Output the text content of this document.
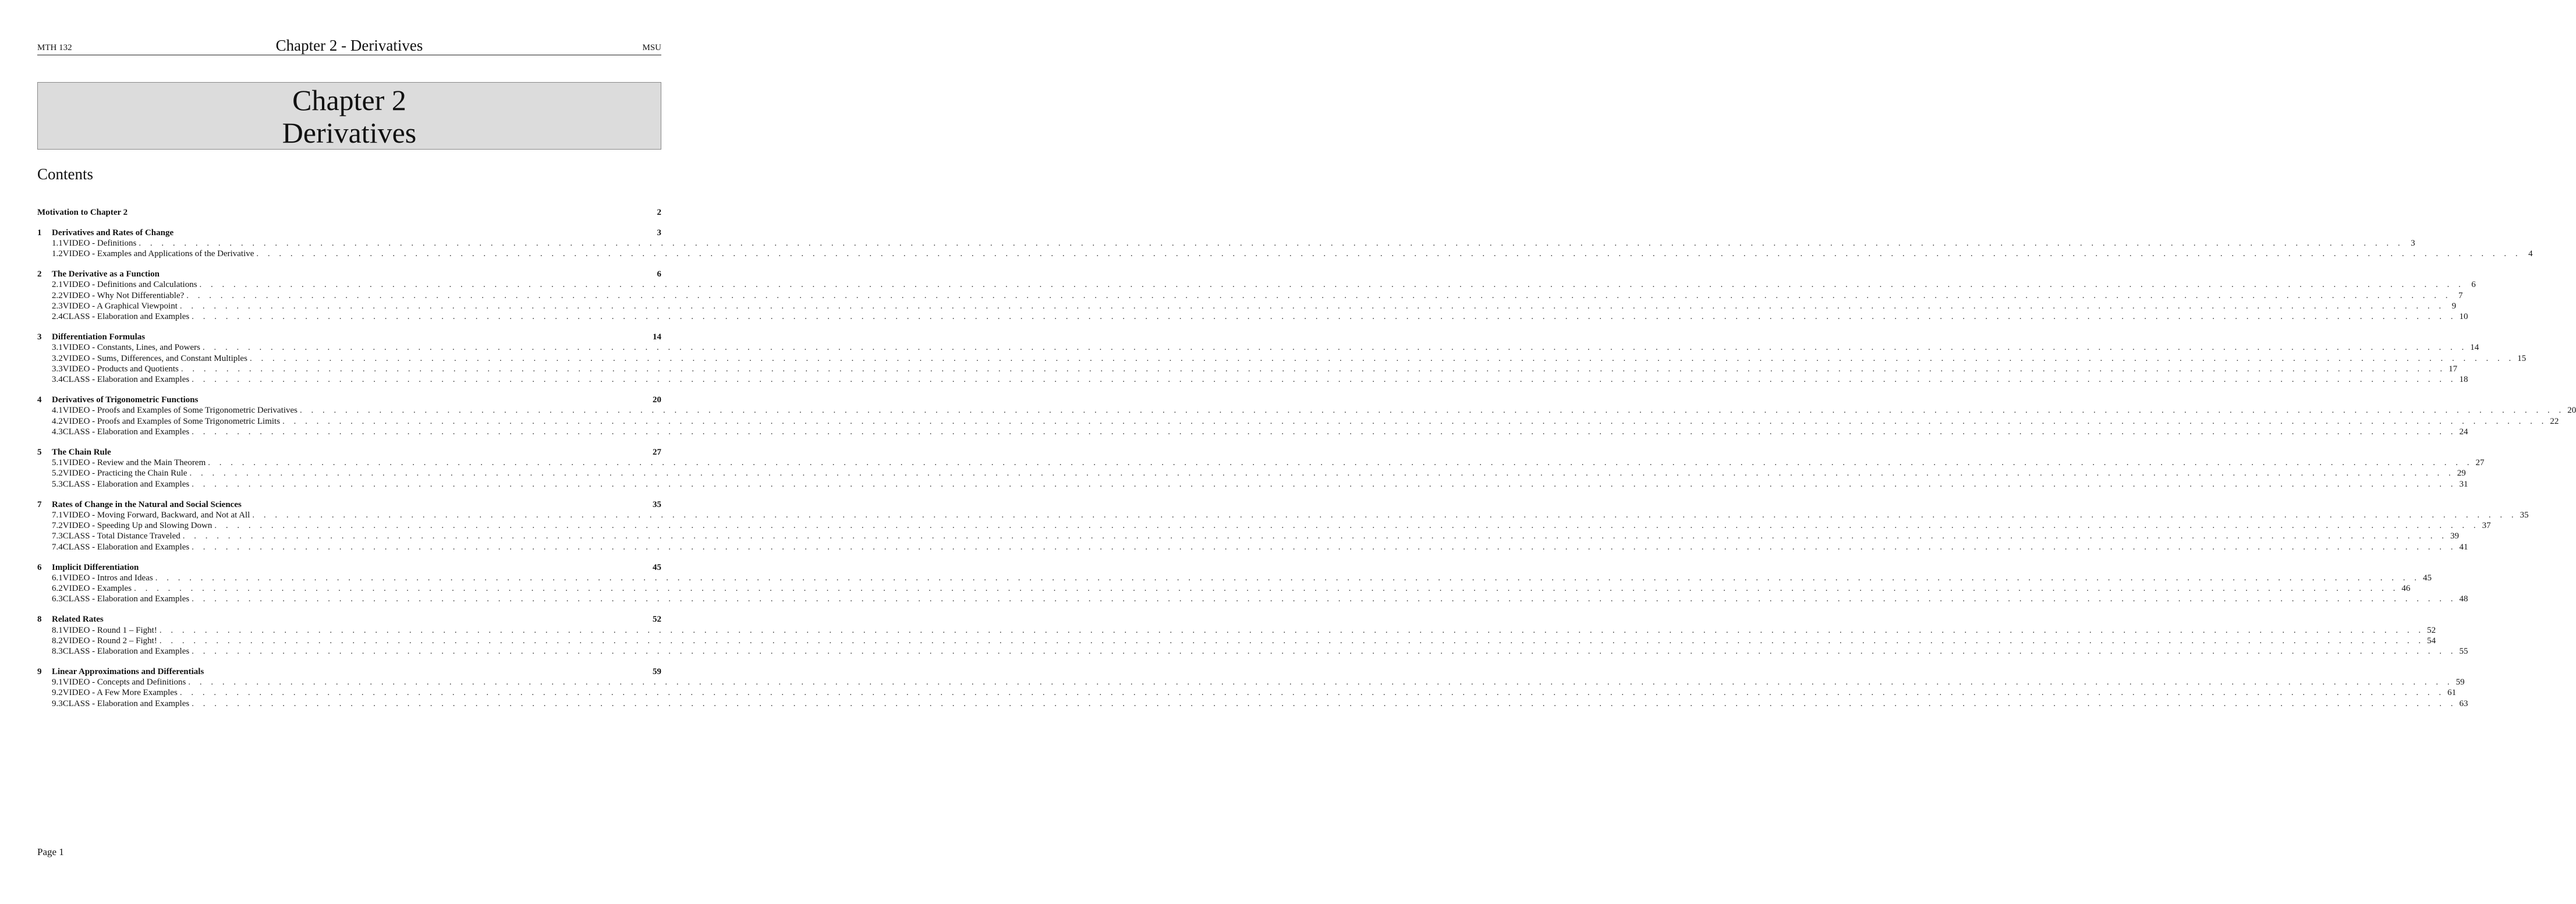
MTH 132	Chapter 2 - Derivatives	MSU
Chapter 2
Derivatives
Contents
Motivation to Chapter 2	2
1	Derivatives and Rates of Change	3
1.1 VIDEO - Definitions . . . . . . . . . . . . . . . . . . . . . . . . . . . . . . . . . . . . . . . . . . . . . . . . . . . . . . . . . . . . . . . . . . . . . . . . . . . . . . . . . . . . . . . . . . . . . . . . . . . . . . . . . . . . . . . . . . . . . . . . . . . . . . . . . . . . . . . . . . . . . . . . . . . . . . . . . . . . . . . . . . . . . . . . . . . . . . . . . . . . . . . . . . . . . . . . . . . . . . . . 3
1.2 VIDEO - Examples and Applications of the Derivative . . . . . . . . . . . . . . . . . . . . . . . . . . . . . . . . . . . . . . . . . . . . . . . . . . . . . . . . . . . . . . . . . . . . . . . . . . . . . . . . . . . . . . . . . . . . . . . . . . . . . . . . . . . . . . . . . . . . . . . . . . . . . . . . . . . . . . . . . . . . . . . . . . . . . . . . . . . . . . . . . . . . . . . . . . . . . . . . . . . . . . . . . . . . . . . . . . . . . . . . 4
2	The Derivative as a Function	6
2.1 VIDEO - Definitions and Calculations . . . . . . . . . . . . . . . . . . . . . . . . . . . . . . . . . . . . . . . . . . . . . . . . . . . . . . . . . . . . . . . . . . . . . . . . . . . . . . . . . . . . . . . . . . . . . . . . . . . . . . . . . . . . . . . . . . . . . . . . . . . . . . . . . . . . . . . . . . . . . . . . . . . . . . . . . . . . . . . . . . . . . . . . . . . . . . . . . . . . . . . . . . . . . . . . . . . . . . . . 6
2.2 VIDEO - Why Not Differentiable? . . . . . . . . . . . . . . . . . . . . . . . . . . . . . . . . . . . . . . . . . . . . . . . . . . . . . . . . . . . . . . . . . . . . . . . . . . . . . . . . . . . . . . . . . . . . . . . . . . . . . . . . . . . . . . . . . . . . . . . . . . . . . . . . . . . . . . . . . . . . . . . . . . . . . . . . . . . . . . . . . . . . . . . . . . . . . . . . . . . . . . . . . . . . . . . . . . . . . . . . 7
2.3 VIDEO - A Graphical Viewpoint . . . . . . . . . . . . . . . . . . . . . . . . . . . . . . . . . . . . . . . . . . . . . . . . . . . . . . . . . . . . . . . . . . . . . . . . . . . . . . . . . . . . . . . . . . . . . . . . . . . . . . . . . . . . . . . . . . . . . . . . . . . . . . . . . . . . . . . . . . . . . . . . . . . . . . . . . . . . . . . . . . . . . . . . . . . . . . . . . . . . . . . . . . . . . . . . . . . . . . . . 9
2.4 CLASS - Elaboration and Examples . . . . . . . . . . . . . . . . . . . . . . . . . . . . . . . . . . . . . . . . . . . . . . . . . . . . . . . . . . . . . . . . . . . . . . . . . . . . . . . . . . . . . . . . . . . . . . . . . . . . . . . . . . . . . . . . . . . . . . . . . . . . . . . . . . . . . . . . . . . . . . . . . . . . . . . . . . . . . . . . . . . . . . . . . . . . . . . . . . . . . . . . . . . . . . . . . . . . . . . . 10
3	Differentiation Formulas	14
3.1 VIDEO - Constants, Lines, and Powers . . . . . . . . . . . . . . . . . . . . . . . . . . . . . . . . . . . . . . . . . . . . . . . . . . . . . . . . . . . . . . . . . . . . . . . . . . . . . . . . . . . . . . . . . . . . . . . . . . . . . . . . . . . . . . . . . . . . . . . . . . . . . . . . . . . . . . . . . . . . . . . . . . . . . . . . . . . . . . . . . . . . . . . . . . . . . . . . . . . . . . . . . . . . . . . . . . . . . . . . 14
3.2 VIDEO - Sums, Differences, and Constant Multiples . . . . . . . . . . . . . . . . . . . . . . . . . . . . . . . . . . . . . . . . . . . . . . . . . . . . . . . . . . . . . . . . . . . . . . . . . . . . . . . . . . . . . . . . . . . . . . . . . . . . . . . . . . . . . . . . . . . . . . . . . . . . . . . . . . . . . . . . . . . . . . . . . . . . . . . . . . . . . . . . . . . . . . . . . . . . . . . . . . . . . . . . . . . . . . . . . . . . . . . . 15
3.3 VIDEO - Products and Quotients . . . . . . . . . . . . . . . . . . . . . . . . . . . . . . . . . . . . . . . . . . . . . . . . . . . . . . . . . . . . . . . . . . . . . . . . . . . . . . . . . . . . . . . . . . . . . . . . . . . . . . . . . . . . . . . . . . . . . . . . . . . . . . . . . . . . . . . . . . . . . . . . . . . . . . . . . . . . . . . . . . . . . . . . . . . . . . . . . . . . . . . . . . . . . . . . . . . . . . . . 17
3.4 CLASS - Elaboration and Examples . . . . . . . . . . . . . . . . . . . . . . . . . . . . . . . . . . . . . . . . . . . . . . . . . . . . . . . . . . . . . . . . . . . . . . . . . . . . . . . . . . . . . . . . . . . . . . . . . . . . . . . . . . . . . . . . . . . . . . . . . . . . . . . . . . . . . . . . . . . . . . . . . . . . . . . . . . . . . . . . . . . . . . . . . . . . . . . . . . . . . . . . . . . . . . . . . . . . . . . . 18
4	Derivatives of Trigonometric Functions	20
4.1 VIDEO - Proofs and Examples of Some Trigonometric Derivatives . . . . . . . . . . . . . . . . . . . . . . . . . . . . . . . . . . . . . . . . . . . . . . . . . . . . . . . . . . . . . . . . . . . . . . . . . . . . . . . . . . . . . . . . . . . . . . . . . . . . . . . . . . . . . . . . . . . . . . . . . . . . . . . . . . . . . . . . . . . . . . . . . . . . . . . . . . . . . . . . . . . . . . . . . . . . . . . . . . . . . . . . . . . . . . . . . . . . . . . . 20
4.2 VIDEO - Proofs and Examples of Some Trigonometric Limits . . . . . . . . . . . . . . . . . . . . . . . . . . . . . . . . . . . . . . . . . . . . . . . . . . . . . . . . . . . . . . . . . . . . . . . . . . . . . . . . . . . . . . . . . . . . . . . . . . . . . . . . . . . . . . . . . . . . . . . . . . . . . . . . . . . . . . . . . . . . . . . . . . . . . . . . . . . . . . . . . . . . . . . . . . . . . . . . . . . . . . . . . . . . . . . . . . . . . . . . 22
4.3 CLASS - Elaboration and Examples . . . . . . . . . . . . . . . . . . . . . . . . . . . . . . . . . . . . . . . . . . . . . . . . . . . . . . . . . . . . . . . . . . . . . . . . . . . . . . . . . . . . . . . . . . . . . . . . . . . . . . . . . . . . . . . . . . . . . . . . . . . . . . . . . . . . . . . . . . . . . . . . . . . . . . . . . . . . . . . . . . . . . . . . . . . . . . . . . . . . . . . . . . . . . . . . . . . . . . . . 24
5	The Chain Rule	27
5.1 VIDEO - Review and the Main Theorem . . . . . . . . . . . . . . . . . . . . . . . . . . . . . . . . . . . . . . . . . . . . . . . . . . . . . . . . . . . . . . . . . . . . . . . . . . . . . . . . . . . . . . . . . . . . . . . . . . . . . . . . . . . . . . . . . . . . . . . . . . . . . . . . . . . . . . . . . . . . . . . . . . . . . . . . . . . . . . . . . . . . . . . . . . . . . . . . . . . . . . . . . . . . . . . . . . . . . . . . 27
5.2 VIDEO - Practicing the Chain Rule . . . . . . . . . . . . . . . . . . . . . . . . . . . . . . . . . . . . . . . . . . . . . . . . . . . . . . . . . . . . . . . . . . . . . . . . . . . . . . . . . . . . . . . . . . . . . . . . . . . . . . . . . . . . . . . . . . . . . . . . . . . . . . . . . . . . . . . . . . . . . . . . . . . . . . . . . . . . . . . . . . . . . . . . . . . . . . . . . . . . . . . . . . . . . . . . . . . . . . . . 29
5.3 CLASS - Elaboration and Examples . . . . . . . . . . . . . . . . . . . . . . . . . . . . . . . . . . . . . . . . . . . . . . . . . . . . . . . . . . . . . . . . . . . . . . . . . . . . . . . . . . . . . . . . . . . . . . . . . . . . . . . . . . . . . . . . . . . . . . . . . . . . . . . . . . . . . . . . . . . . . . . . . . . . . . . . . . . . . . . . . . . . . . . . . . . . . . . . . . . . . . . . . . . . . . . . . . . . . . . . 31
7	Rates of Change in the Natural and Social Sciences	35
7.1 VIDEO - Moving Forward, Backward, and Not at All . . . . . . . . . . . . . . . . . . . . . . . . . . . . . . . . . . . . . . . . . . . . . . . . . . . . . . . . . . . . . . . . . . . . . . . . . . . . . . . . . . . . . . . . . . . . . . . . . . . . . . . . . . . . . . . . . . . . . . . . . . . . . . . . . . . . . . . . . . . . . . . . . . . . . . . . . . . . . . . . . . . . . . . . . . . . . . . . . . . . . . . . . . . . . . . . . . . . . . . . 35
7.2 VIDEO - Speeding Up and Slowing Down . . . . . . . . . . . . . . . . . . . . . . . . . . . . . . . . . . . . . . . . . . . . . . . . . . . . . . . . . . . . . . . . . . . . . . . . . . . . . . . . . . . . . . . . . . . . . . . . . . . . . . . . . . . . . . . . . . . . . . . . . . . . . . . . . . . . . . . . . . . . . . . . . . . . . . . . . . . . . . . . . . . . . . . . . . . . . . . . . . . . . . . . . . . . . . . . . . . . . . . . 37
7.3 CLASS - Total Distance Traveled . . . . . . . . . . . . . . . . . . . . . . . . . . . . . . . . . . . . . . . . . . . . . . . . . . . . . . . . . . . . . . . . . . . . . . . . . . . . . . . . . . . . . . . . . . . . . . . . . . . . . . . . . . . . . . . . . . . . . . . . . . . . . . . . . . . . . . . . . . . . . . . . . . . . . . . . . . . . . . . . . . . . . . . . . . . . . . . . . . . . . . . . . . . . . . . . . . . . . . . . 39
7.4 CLASS - Elaboration and Examples . . . . . . . . . . . . . . . . . . . . . . . . . . . . . . . . . . . . . . . . . . . . . . . . . . . . . . . . . . . . . . . . . . . . . . . . . . . . . . . . . . . . . . . . . . . . . . . . . . . . . . . . . . . . . . . . . . . . . . . . . . . . . . . . . . . . . . . . . . . . . . . . . . . . . . . . . . . . . . . . . . . . . . . . . . . . . . . . . . . . . . . . . . . . . . . . . . . . . . . . 41
6	Implicit Differentiation	45
6.1 VIDEO - Intros and Ideas . . . . . . . . . . . . . . . . . . . . . . . . . . . . . . . . . . . . . . . . . . . . . . . . . . . . . . . . . . . . . . . . . . . . . . . . . . . . . . . . . . . . . . . . . . . . . . . . . . . . . . . . . . . . . . . . . . . . . . . . . . . . . . . . . . . . . . . . . . . . . . . . . . . . . . . . . . . . . . . . . . . . . . . . . . . . . . . . . . . . . . . . . . . . . . . . . . . . . . . . 45
6.2 VIDEO - Examples . . . . . . . . . . . . . . . . . . . . . . . . . . . . . . . . . . . . . . . . . . . . . . . . . . . . . . . . . . . . . . . . . . . . . . . . . . . . . . . . . . . . . . . . . . . . . . . . . . . . . . . . . . . . . . . . . . . . . . . . . . . . . . . . . . . . . . . . . . . . . . . . . . . . . . . . . . . . . . . . . . . . . . . . . . . . . . . . . . . . . . . . . . . . . . . . . . . . . . . . 46
6.3 CLASS - Elaboration and Examples . . . . . . . . . . . . . . . . . . . . . . . . . . . . . . . . . . . . . . . . . . . . . . . . . . . . . . . . . . . . . . . . . . . . . . . . . . . . . . . . . . . . . . . . . . . . . . . . . . . . . . . . . . . . . . . . . . . . . . . . . . . . . . . . . . . . . . . . . . . . . . . . . . . . . . . . . . . . . . . . . . . . . . . . . . . . . . . . . . . . . . . . . . . . . . . . . . . . . . . . 48
8	Related Rates	52
8.1 VIDEO - Round 1 – Fight! . . . . . . . . . . . . . . . . . . . . . . . . . . . . . . . . . . . . . . . . . . . . . . . . . . . . . . . . . . . . . . . . . . . . . . . . . . . . . . . . . . . . . . . . . . . . . . . . . . . . . . . . . . . . . . . . . . . . . . . . . . . . . . . . . . . . . . . . . . . . . . . . . . . . . . . . . . . . . . . . . . . . . . . . . . . . . . . . . . . . . . . . . . . . . . . . . . . . . . . . 52
8.2 VIDEO - Round 2 – Fight! . . . . . . . . . . . . . . . . . . . . . . . . . . . . . . . . . . . . . . . . . . . . . . . . . . . . . . . . . . . . . . . . . . . . . . . . . . . . . . . . . . . . . . . . . . . . . . . . . . . . . . . . . . . . . . . . . . . . . . . . . . . . . . . . . . . . . . . . . . . . . . . . . . . . . . . . . . . . . . . . . . . . . . . . . . . . . . . . . . . . . . . . . . . . . . . . . . . . . . . . 54
8.3 CLASS - Elaboration and Examples . . . . . . . . . . . . . . . . . . . . . . . . . . . . . . . . . . . . . . . . . . . . . . . . . . . . . . . . . . . . . . . . . . . . . . . . . . . . . . . . . . . . . . . . . . . . . . . . . . . . . . . . . . . . . . . . . . . . . . . . . . . . . . . . . . . . . . . . . . . . . . . . . . . . . . . . . . . . . . . . . . . . . . . . . . . . . . . . . . . . . . . . . . . . . . . . . . . . . . . . 55
9	Linear Approximations and Differentials	59
9.1 VIDEO - Concepts and Definitions . . . . . . . . . . . . . . . . . . . . . . . . . . . . . . . . . . . . . . . . . . . . . . . . . . . . . . . . . . . . . . . . . . . . . . . . . . . . . . . . . . . . . . . . . . . . . . . . . . . . . . . . . . . . . . . . . . . . . . . . . . . . . . . . . . . . . . . . . . . . . . . . . . . . . . . . . . . . . . . . . . . . . . . . . . . . . . . . . . . . . . . . . . . . . . . . . . . . . . . . 59
9.2 VIDEO - A Few More Examples . . . . . . . . . . . . . . . . . . . . . . . . . . . . . . . . . . . . . . . . . . . . . . . . . . . . . . . . . . . . . . . . . . . . . . . . . . . . . . . . . . . . . . . . . . . . . . . . . . . . . . . . . . . . . . . . . . . . . . . . . . . . . . . . . . . . . . . . . . . . . . . . . . . . . . . . . . . . . . . . . . . . . . . . . . . . . . . . . . . . . . . . . . . . . . . . . . . . . . . . 61
9.3 CLASS - Elaboration and Examples . . . . . . . . . . . . . . . . . . . . . . . . . . . . . . . . . . . . . . . . . . . . . . . . . . . . . . . . . . . . . . . . . . . . . . . . . . . . . . . . . . . . . . . . . . . . . . . . . . . . . . . . . . . . . . . . . . . . . . . . . . . . . . . . . . . . . . . . . . . . . . . . . . . . . . . . . . . . . . . . . . . . . . . . . . . . . . . . . . . . . . . . . . . . . . . . . . . . . . . . 63
Page 1
